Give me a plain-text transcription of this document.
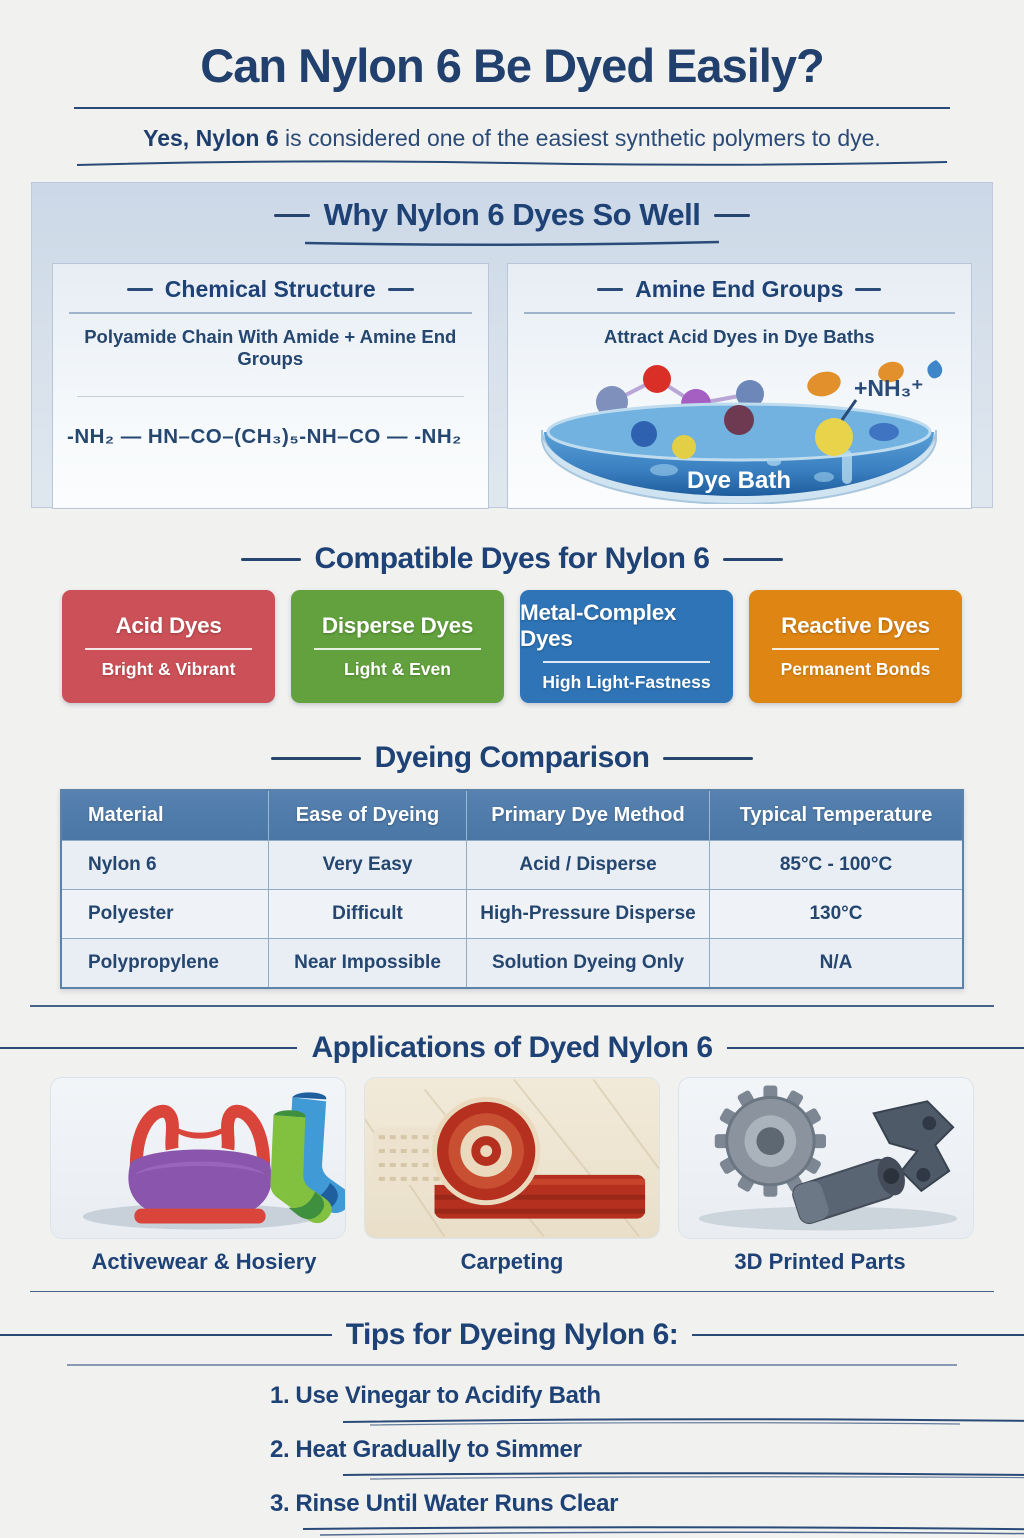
Can Nylon 6 Be Dyed Easily?
Yes, Nylon 6 is considered one of the easiest synthetic polymers to dye.
Why Nylon 6 Dyes So Well
Chemical Structure
Polyamide Chain With Amide + Amine End Groups
-NH₂ — HN–CO–(CH₃)₅-NH–CO — -NH₂
Amine End Groups
Attract Acid Dyes in Dye Baths
+NH₃⁺
Dye Bath
Compatible Dyes for Nylon 6
Acid Dyes
Bright & Vibrant
Disperse Dyes
Light & Even
Metal-Complex Dyes
High Light-Fastness
Reactive Dyes
Permanent Bonds
Dyeing Comparison
Material	Ease of Dyeing	Primary Dye Method	Typical Temperature
Nylon 6	Very Easy	Acid / Disperse	85°C - 100°C
Polyester	Difficult	High-Pressure Disperse	130°C
Polypropylene	Near Impossible	Solution Dyeing Only	N/A
Applications of Dyed Nylon 6
Activewear & Hosiery	Carpeting	3D Printed Parts
Tips for Dyeing Nylon 6:
1. Use Vinegar to Acidify Bath
2. Heat Gradually to Simmer
3. Rinse Until Water Runs Clear
